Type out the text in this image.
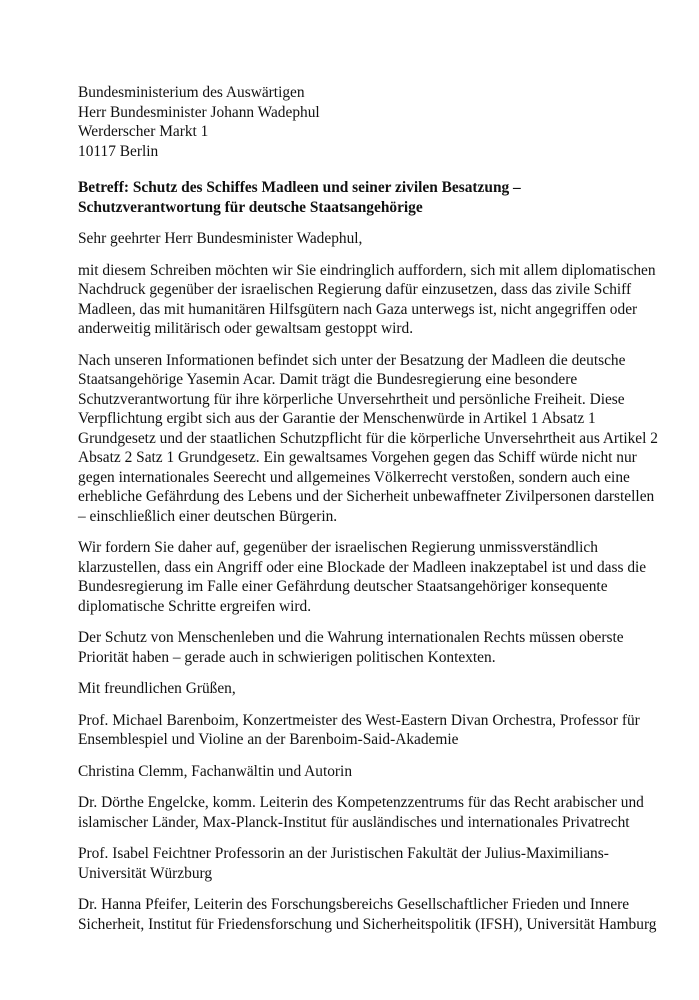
Bundesministerium des Auswärtigen
Herr Bundesminister Johann Wadephul
Werderscher Markt 1
10117 Berlin
Betreff: Schutz des Schiffes Madleen und seiner zivilen Besatzung –
Schutzverantwortung für deutsche Staatsangehörige
Sehr geehrter Herr Bundesminister Wadephul,
mit diesem Schreiben möchten wir Sie eindringlich auffordern, sich mit allem diplomatischen
Nachdruck gegenüber der israelischen Regierung dafür einzusetzen, dass das zivile Schiff
Madleen, das mit humanitären Hilfsgütern nach Gaza unterwegs ist, nicht angegriffen oder
anderweitig militärisch oder gewaltsam gestoppt wird.
Nach unseren Informationen befindet sich unter der Besatzung der Madleen die deutsche
Staatsangehörige Yasemin Acar. Damit trägt die Bundesregierung eine besondere
Schutzverantwortung für ihre körperliche Unversehrtheit und persönliche Freiheit. Diese
Verpflichtung ergibt sich aus der Garantie der Menschenwürde in Artikel 1 Absatz 1
Grundgesetz und der staatlichen Schutzpflicht für die körperliche Unversehrtheit aus Artikel 2
Absatz 2 Satz 1 Grundgesetz. Ein gewaltsames Vorgehen gegen das Schiff würde nicht nur
gegen internationales Seerecht und allgemeines Völkerrecht verstoßen, sondern auch eine
erhebliche Gefährdung des Lebens und der Sicherheit unbewaffneter Zivilpersonen darstellen
– einschließlich einer deutschen Bürgerin.
Wir fordern Sie daher auf, gegenüber der israelischen Regierung unmissverständlich
klarzustellen, dass ein Angriff oder eine Blockade der Madleen inakzeptabel ist und dass die
Bundesregierung im Falle einer Gefährdung deutscher Staatsangehöriger konsequente
diplomatische Schritte ergreifen wird.
Der Schutz von Menschenleben und die Wahrung internationalen Rechts müssen oberste
Priorität haben – gerade auch in schwierigen politischen Kontexten.
Mit freundlichen Grüßen,
Prof. Michael Barenboim, Konzertmeister des West-Eastern Divan Orchestra, Professor für
Ensemblespiel und Violine an der Barenboim-Said-Akademie
Christina Clemm, Fachanwältin und Autorin
Dr. Dörthe Engelcke, komm. Leiterin des Kompetenzzentrums für das Recht arabischer und
islamischer Länder, Max-Planck-Institut für ausländisches und internationales Privatrecht
Prof. Isabel Feichtner Professorin an der Juristischen Fakultät der Julius-Maximilians-
Universität Würzburg
Dr. Hanna Pfeifer, Leiterin des Forschungsbereichs Gesellschaftlicher Frieden und Innere
Sicherheit, Institut für Friedensforschung und Sicherheitspolitik (IFSH), Universität Hamburg
